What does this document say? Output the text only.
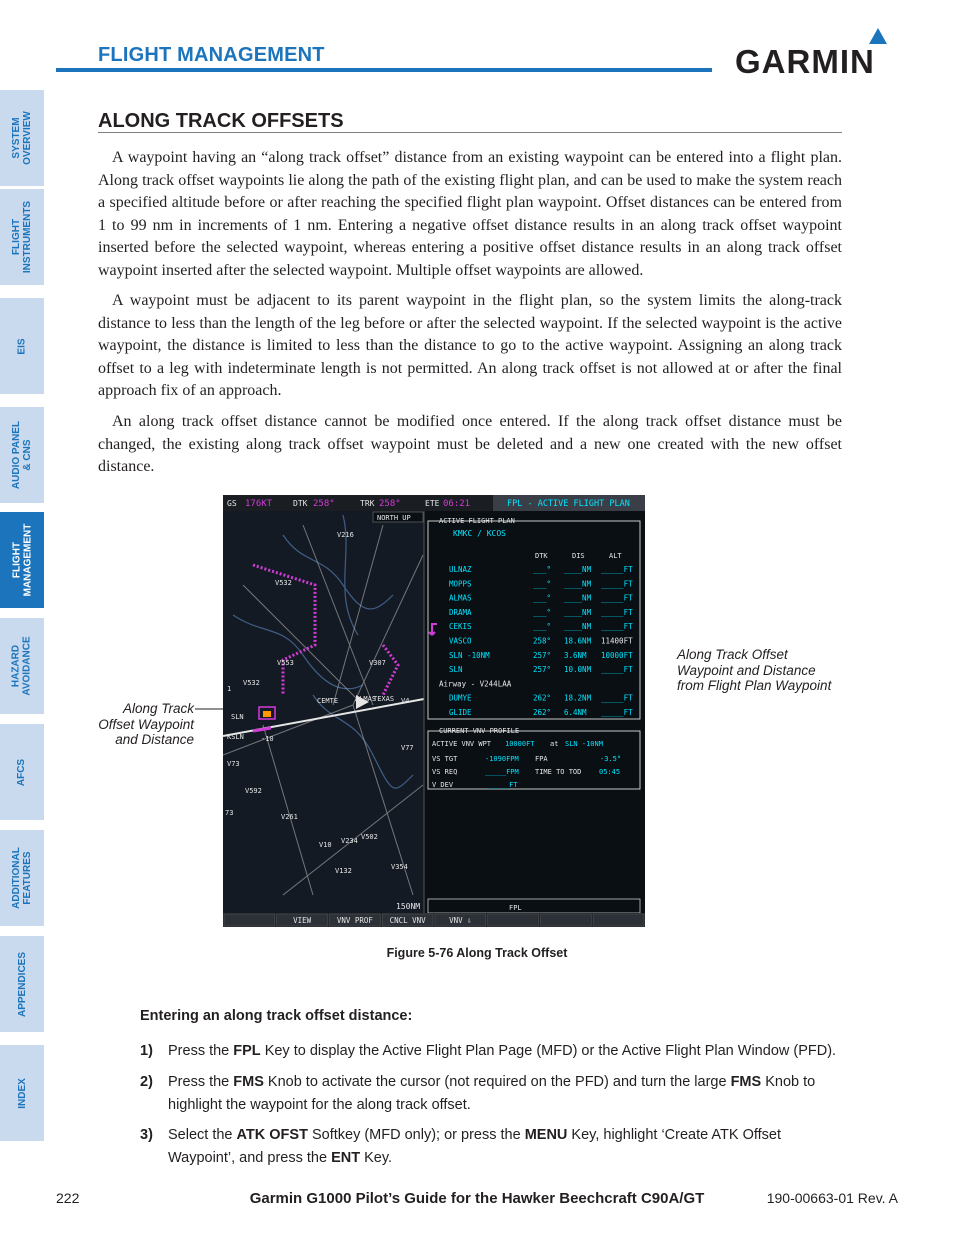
SYSTEM
OVERVIEW
FLIGHT
INSTRUMENTS
EIS
AUDIO PANEL
& CNS
FLIGHT
MANAGEMENT
HAZARD
AVOIDANCE
AFCS
ADDITIONAL
FEATURES
APPENDICES
INDEX
FLIGHT MANAGEMENT	GARMIN
ALONG TRACK OFFSETS

A waypoint having an “along track offset” distance from an existing waypoint can be entered into a flight plan. Along track offset waypoints lie along the path of the existing flight plan, and can be used to make the system reach a specified altitude before or after reaching the specified flight plan waypoint. Offset distances can be entered from 1 to 99 nm in increments of 1 nm. Entering a negative offset distance results in an along track offset waypoint inserted before the selected waypoint, whereas entering a positive offset distance results in an along track offset waypoint inserted after the selected waypoint. Multiple offset waypoints are allowed.

A waypoint must be adjacent to its parent waypoint in the flight plan, so the system limits the along-track distance to less than the length of the leg before or after the selected waypoint. If the selected waypoint is the active waypoint, the distance is limited to less than the distance to go to the active waypoint. Assigning an along track offset to a leg with indeterminate length is not permitted. An along track offset is not allowed at or after the final approach fix of an approach.

An along track offset distance cannot be modified once entered. If the along track offset distance must be changed, the existing along track offset waypoint must be deleted and a new one created with the new offset distance.

Along Track
Offset Waypoint
and Distance
Along Track Offset
Waypoint and Distance
from Flight Plan Waypoint
GS 176KT	DTK 258°	TRK 258°	ETE 06:21	FPL - ACTIVE FLIGHT PLAN
V216
V532
V553	V307
V532
V77
V73
V592
V261
V10 V234 V502
V132	V354
V4
SLN
KSLN
CEMTE ALMAS
TEXAS
73
1
-10
NORTH UP
150NM
ACTIVE FLIGHT PLAN
KMKC / KCOS
DTK	DIS	ALT
ULNAZ	___° ____NM _____FT
MOPPS	___° ____NM _____FT
ALMAS	___° ____NM _____FT
DRAMA	___° ____NM _____FT
CEKIS	___° ____NM _____FT
VASCO	258° 18.6NM 11400FT
SLN -10NM	257° 3.6NM 10000FT
SLN	257° 10.0NM _____FT
Airway - V244LAA
DUMYE	262° 18.2NM _____FT
GLIDE	262° 6.4NM _____FT
CURRENT VNV PROFILE
ACTIVE VNV WPT 10000FT at SLN -10NM
VS TGT	-1090FPM FPA	-3.5°
VS REQ	_____FPM TIME TO TOD	05:45
V DEV	_____FT
FPL
VIEW	VNV PROF CNCL VNV	VNV ⇩
Figure 5-76 Along Track Offset
Entering an along track offset distance:
1) Press the FPL Key to display the Active Flight Plan Page (MFD) or the Active Flight Plan Window (PFD).
2) Press the FMS Knob to activate the cursor (not required on the PFD) and turn the large FMS Knob to highlight the waypoint for the along track offset.
3) Select the ATK OFST Softkey (MFD only); or press the MENU Key, highlight ‘Create ATK Offset Waypoint’, and press the ENT Key.
222	Garmin G1000 Pilot’s Guide for the Hawker Beechcraft C90A/GT	190-00663-01 Rev. A
